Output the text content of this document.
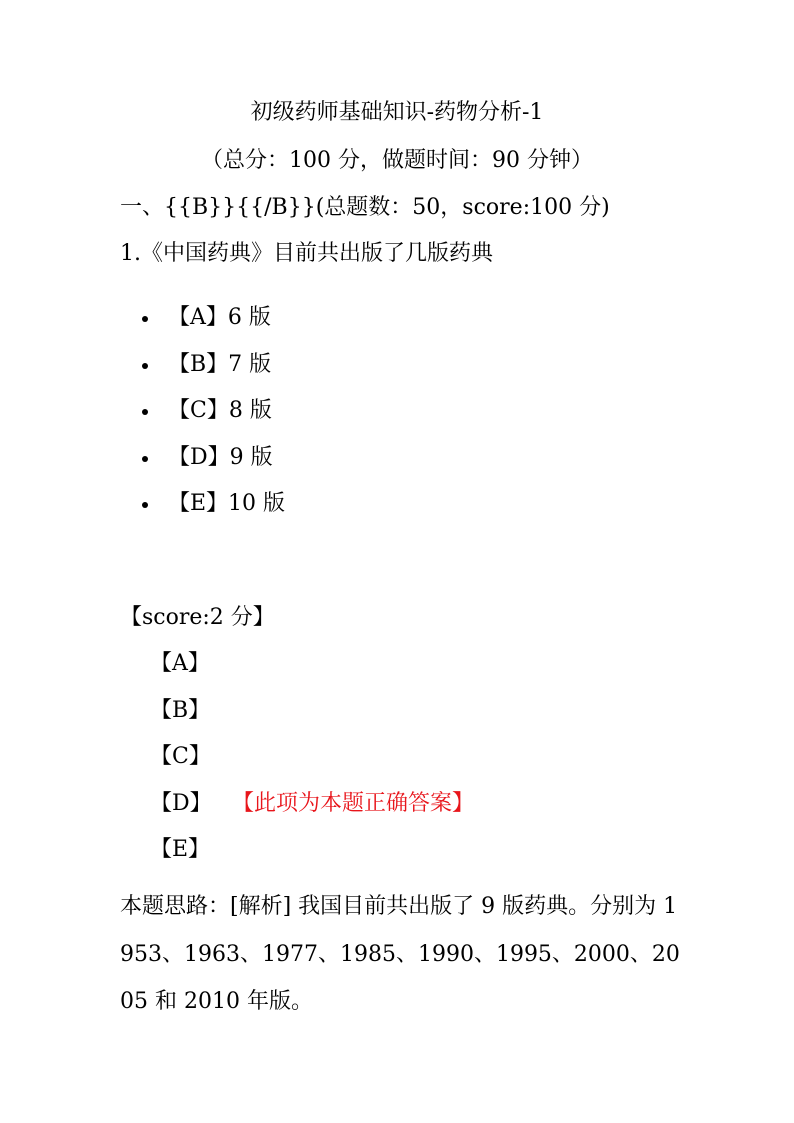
初级药师基础知识-药物分析-1
（总分：100 分，做题时间：90 分钟）
一、{{B}}{{/B}}(总题数：50，score:100 分)
1.《中国药典》目前共出版了几版药典
【A】6 版
【B】7 版
【C】8 版
【D】9 版
【E】10 版
【score:2 分】
【A】
【B】
【C】
【D】 【此项为本题正确答案】
【E】
本题思路：[解析] 我国目前共出版了 9 版药典。分别为 1953、1963、1977、1985、1990、1995、2000、2005 和 2010 年版。
